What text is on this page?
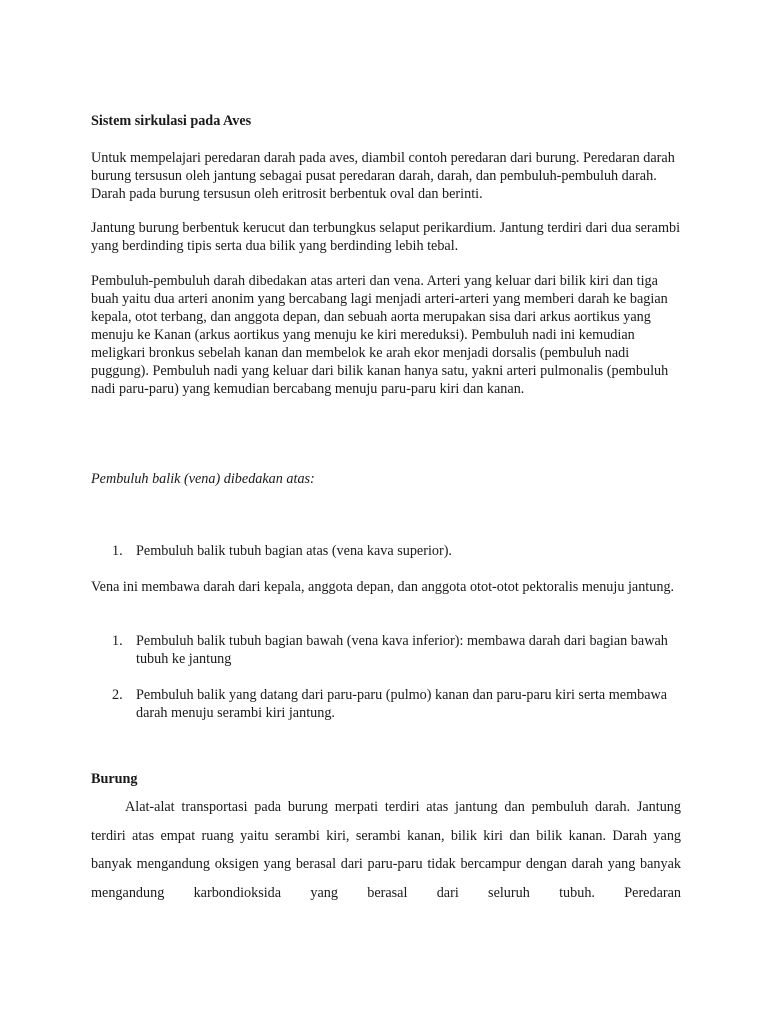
Sistem sirkulasi pada Aves
Untuk mempelajari peredaran darah pada aves, diambil contoh peredaran dari burung. Peredaran darah burung tersusun oleh jantung sebagai pusat peredaran darah, darah, dan pembuluh-pembuluh darah. Darah pada burung tersusun oleh eritrosit berbentuk oval dan berinti.
Jantung burung berbentuk kerucut dan terbungkus selaput perikardium. Jantung terdiri dari dua serambi yang berdinding tipis serta dua bilik yang berdinding lebih tebal.
Pembuluh-pembuluh darah dibedakan atas arteri dan vena. Arteri yang keluar dari bilik kiri dan tiga buah yaitu dua arteri anonim yang bercabang lagi menjadi arteri-arteri yang memberi darah ke bagian kepala, otot terbang, dan anggota depan, dan sebuah aorta merupakan sisa dari arkus aortikus yang menuju ke Kanan (arkus aortikus yang menuju ke kiri mereduksi). Pembuluh nadi ini kemudian meligkari bronkus sebelah kanan dan membelok ke arah ekor menjadi dorsalis (pembuluh nadi puggung). Pembuluh nadi yang keluar dari bilik kanan hanya satu, yakni arteri pulmonalis (pembuluh nadi paru-paru) yang kemudian bercabang menuju paru-paru kiri dan kanan.
Pembuluh balik (vena) dibedakan atas:
1. Pembuluh balik tubuh bagian atas (vena kava superior).
Vena ini membawa darah dari kepala, anggota depan, dan anggota otot-otot pektoralis menuju jantung.
1. Pembuluh balik tubuh bagian bawah (vena kava inferior): membawa darah dari bagian bawah tubuh ke jantung
2. Pembuluh balik yang datang dari paru-paru (pulmo) kanan dan paru-paru kiri serta membawa darah menuju serambi kiri jantung.
Burung
Alat-alat transportasi pada burung merpati terdiri atas jantung dan pembuluh darah. Jantung terdiri atas empat ruang yaitu serambi kiri, serambi kanan, bilik kiri dan bilik kanan. Darah yang banyak mengandung oksigen yang berasal dari paru-paru tidak bercampur dengan darah yang banyak mengandung karbondioksida yang berasal dari seluruh tubuh. Peredaran
